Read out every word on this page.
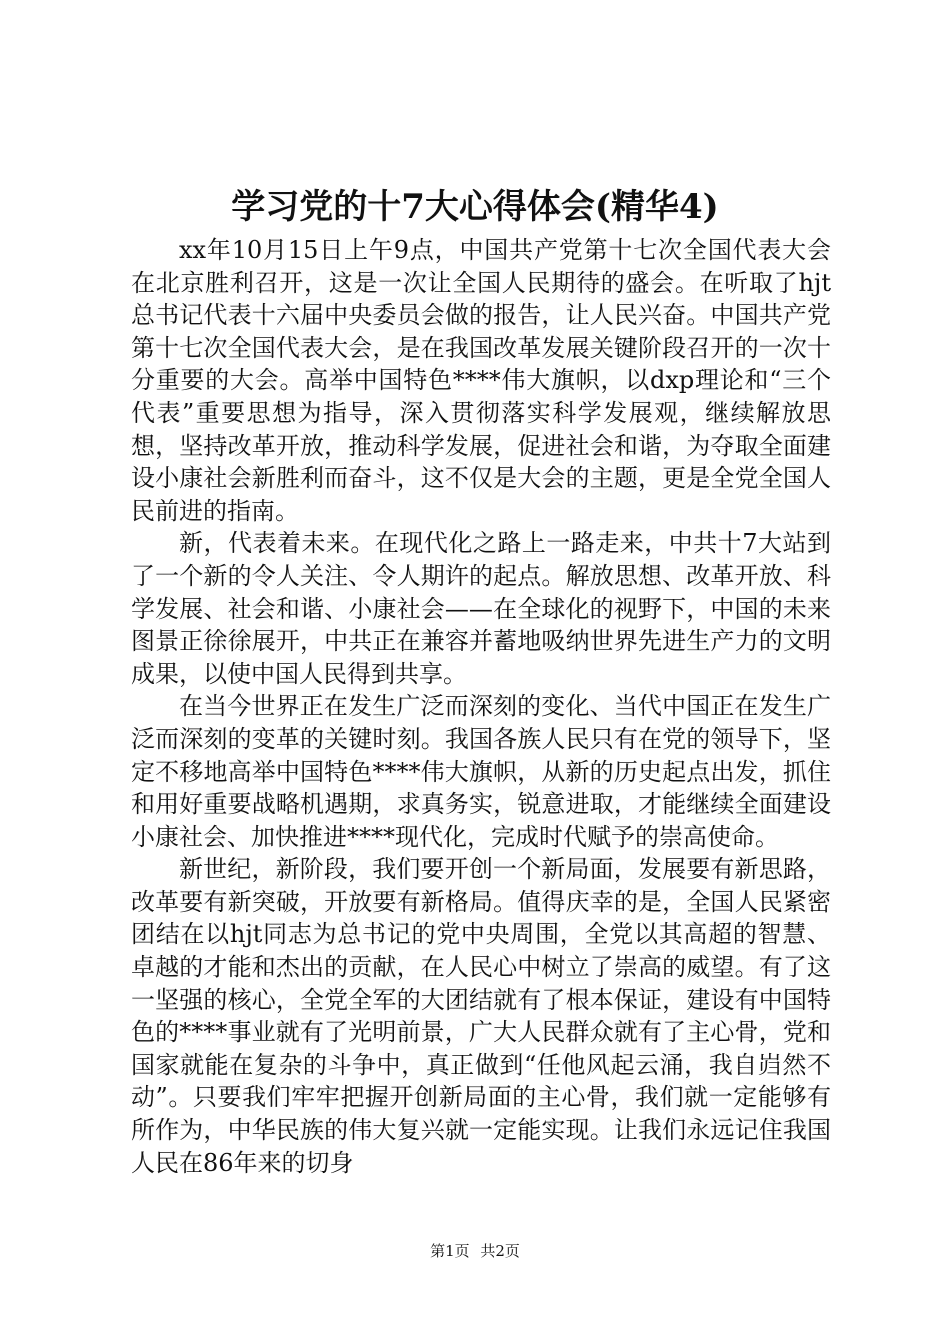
学习党的十7大心得体会(精华4)

xx年10月15日上午9点，中国共产党第十七次全国代表大会在北京胜利召开，这是一次让全国人民期待的盛会。在听取了hjt总书记代表十六届中央委员会做的报告，让人民兴奋。中国共产党第十七次全国代表大会，是在我国改革发展关键阶段召开的一次十分重要的大会。高举中国特色****伟大旗帜，以dxp理论和“三个代表”重要思想为指导，深入贯彻落实科学发展观，继续解放思想，坚持改革开放，推动科学发展，促进社会和谐，为夺取全面建设小康社会新胜利而奋斗，这不仅是大会的主题，更是全党全国人民前进的指南。

新，代表着未来。在现代化之路上一路走来，中共十7大站到了一个新的令人关注、令人期许的起点。解放思想、改革开放、科学发展、社会和谐、小康社会——在全球化的视野下，中国的未来图景正徐徐展开，中共正在兼容并蓄地吸纳世界先进生产力的文明成果，以使中国人民得到共享。

在当今世界正在发生广泛而深刻的变化、当代中国正在发生广泛而深刻的变革的关键时刻。我国各族人民只有在党的领导下，坚定不移地高举中国特色****伟大旗帜，从新的历史起点出发，抓住和用好重要战略机遇期，求真务实，锐意进取，才能继续全面建设小康社会、加快推进****现代化，完成时代赋予的崇高使命。

新世纪，新阶段，我们要开创一个新局面，发展要有新思路，改革要有新突破，开放要有新格局。值得庆幸的是，全国人民紧密团结在以hjt同志为总书记的党中央周围，全党以其高超的智慧、卓越的才能和杰出的贡献，在人民心中树立了崇高的威望。有了这一坚强的核心，全党全军的大团结就有了根本保证，建设有中国特色的****事业就有了光明前景，广大人民群众就有了主心骨，党和国家就能在复杂的斗争中，真正做到“任他风起云涌，我自岿然不动”。只要我们牢牢把握开创新局面的主心骨，我们就一定能够有所作为，中华民族的伟大复兴就一定能实现。让我们永远记住我国人民在86年来的切身

第1页 共2页
